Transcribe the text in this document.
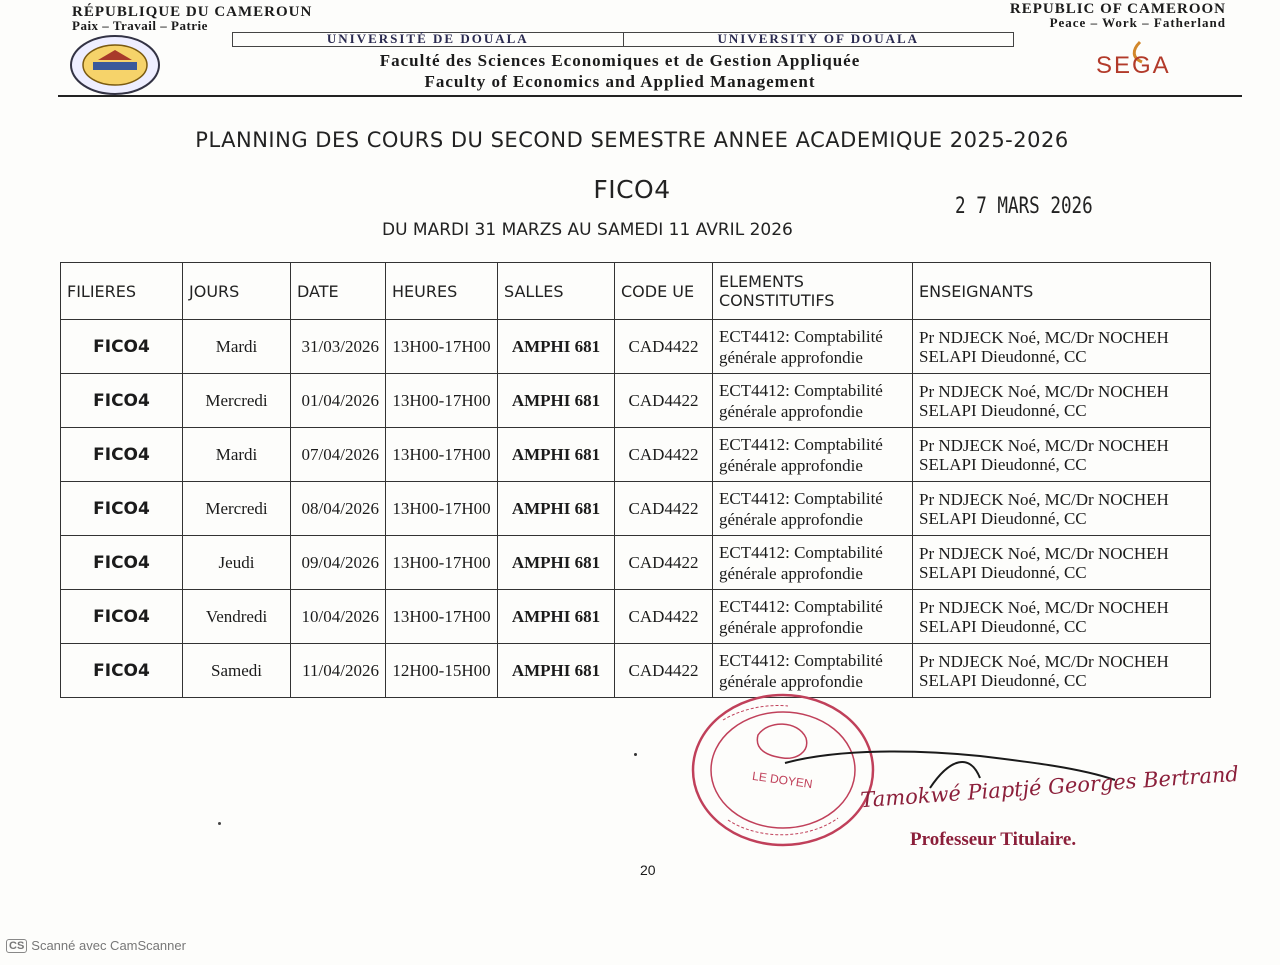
RÉPUBLIQUE DU CAMEROUN
Paix – Travail – Patrie
REPUBLIC OF CAMEROON
Peace – Work – Fatherland
UNIVERSITÉ DE DOUALA	UNIVERSITY OF DOUALA
Faculté des Sciences Economiques et de Gestion Appliquée
Faculty of Economics and Applied Management
SEGA
PLANNING DES COURS DU SECOND SEMESTRE ANNEE ACADEMIQUE 2025-2026
FICO4
DU MARDI 31 MARZS AU SAMEDI 11 AVRIL 2026
2 7 MARS 2026
FILIERES	JOURS	DATE	HEURES	SALLES	CODE UE	ELEMENTS CONSTITUTIFS	ENSEIGNANTS
FICO4	Mardi	31/03/2026	13H00-17H00	AMPHI 681	CAD4422	ECT4412: Comptabilité générale approfondie	Pr NDJECK Noé, MC/Dr NOCHEH SELAPI Dieudonné, CC
FICO4	Mercredi	01/04/2026	13H00-17H00	AMPHI 681	CAD4422	ECT4412: Comptabilité générale approfondie	Pr NDJECK Noé, MC/Dr NOCHEH SELAPI Dieudonné, CC
FICO4	Mardi	07/04/2026	13H00-17H00	AMPHI 681	CAD4422	ECT4412: Comptabilité générale approfondie	Pr NDJECK Noé, MC/Dr NOCHEH SELAPI Dieudonné, CC
FICO4	Mercredi	08/04/2026	13H00-17H00	AMPHI 681	CAD4422	ECT4412: Comptabilité générale approfondie	Pr NDJECK Noé, MC/Dr NOCHEH SELAPI Dieudonné, CC
FICO4	Jeudi	09/04/2026	13H00-17H00	AMPHI 681	CAD4422	ECT4412: Comptabilité générale approfondie	Pr NDJECK Noé, MC/Dr NOCHEH SELAPI Dieudonné, CC
FICO4	Vendredi	10/04/2026	13H00-17H00	AMPHI 681	CAD4422	ECT4412: Comptabilité générale approfondie	Pr NDJECK Noé, MC/Dr NOCHEH SELAPI Dieudonné, CC
FICO4	Samedi	11/04/2026	12H00-15H00	AMPHI 681	CAD4422	ECT4412: Comptabilité générale approfondie	Pr NDJECK Noé, MC/Dr NOCHEH SELAPI Dieudonné, CC
LE DOYEN Tamokwé Piaptjé Georges Bertrand
Professeur Titulaire.
20
CS Scanné avec CamScanner
